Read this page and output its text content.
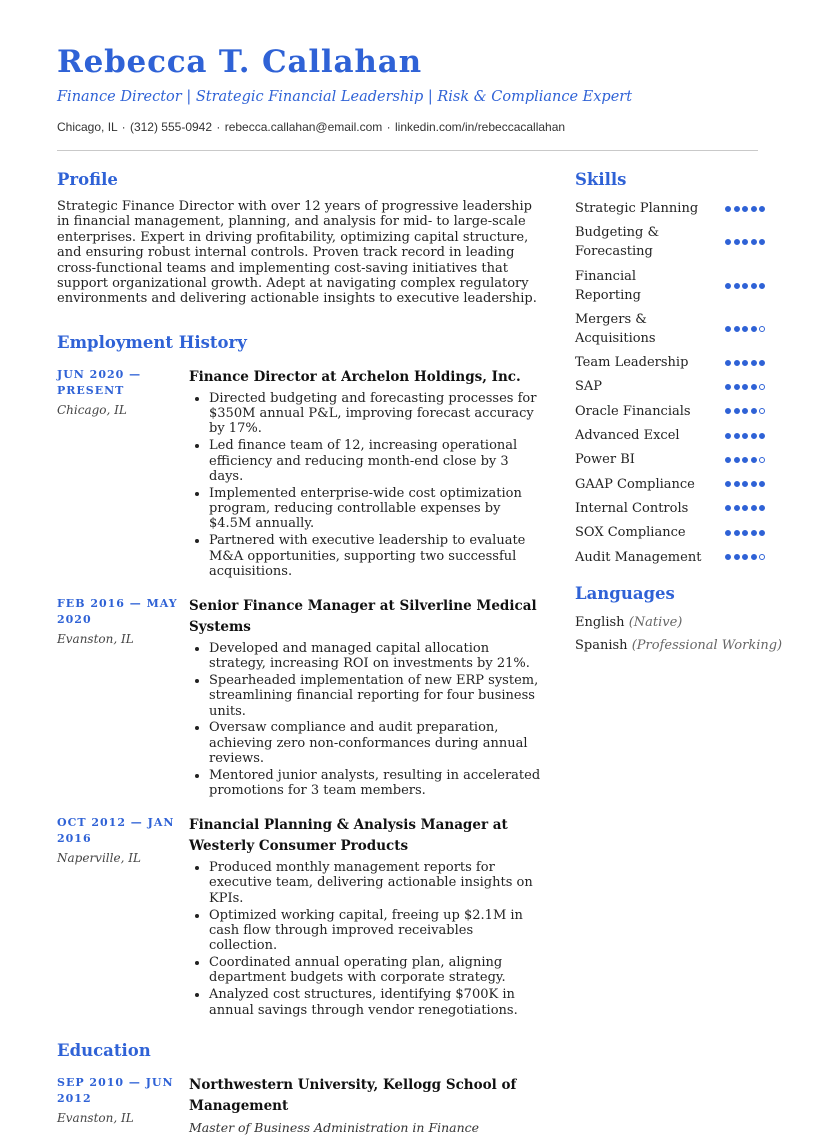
Rebecca T. Callahan
Finance Director | Strategic Financial Leadership | Risk & Compliance Expert
Chicago, IL · (312) 555-0942 · rebecca.callahan@email.com · linkedin.com/in/rebeccacallahan
Profile

Strategic Finance Director with over 12 years of progressive leadership in financial management, planning, and analysis for mid- to large-scale enterprises. Expert in driving profitability, optimizing capital structure, and ensuring robust internal controls. Proven track record in leading cross-functional teams and implementing cost-saving initiatives that support organizational growth. Adept at navigating complex regulatory environments and delivering actionable insights to executive leadership.

Employment History
JUN 2020 — PRESENT
Chicago, IL
Finance Director at Archelon Holdings, Inc.
• Directed budgeting and forecasting processes for $350M annual P&L, improving forecast accuracy by 17%.
• Led finance team of 12, increasing operational efficiency and reducing month-end close by 3 days.
• Implemented enterprise-wide cost optimization program, reducing controllable expenses by $4.5M annually.
• Partnered with executive leadership to evaluate M&A opportunities, supporting two successful acquisitions.
FEB 2016 — MAY 2020
Evanston, IL
Senior Finance Manager at Silverline Medical Systems
• Developed and managed capital allocation strategy, increasing ROI on investments by 21%.
• Spearheaded implementation of new ERP system, streamlining financial reporting for four business units.
• Oversaw compliance and audit preparation, achieving zero non-conformances during annual reviews.
• Mentored junior analysts, resulting in accelerated promotions for 3 team members.
OCT 2012 — JAN 2016
Naperville, IL
Financial Planning & Analysis Manager at Westerly Consumer Products
• Produced monthly management reports for executive team, delivering actionable insights on KPIs.
• Optimized working capital, freeing up $2.1M in cash flow through improved receivables collection.
• Coordinated annual operating plan, aligning department budgets with corporate strategy.
• Analyzed cost structures, identifying $700K in annual savings through vendor renegotiations.
Education
SEP 2010 — JUN 2012
Evanston, IL
Northwestern University, Kellogg School of Management
Master of Business Administration in Finance
Skills
Strategic Planning
Budgeting & Forecasting
Financial Reporting
Mergers & Acquisitions
Team Leadership
SAP
Oracle Financials
Advanced Excel
Power BI
GAAP Compliance
Internal Controls
SOX Compliance
Audit Management
Languages
English (Native)
Spanish (Professional Working)
